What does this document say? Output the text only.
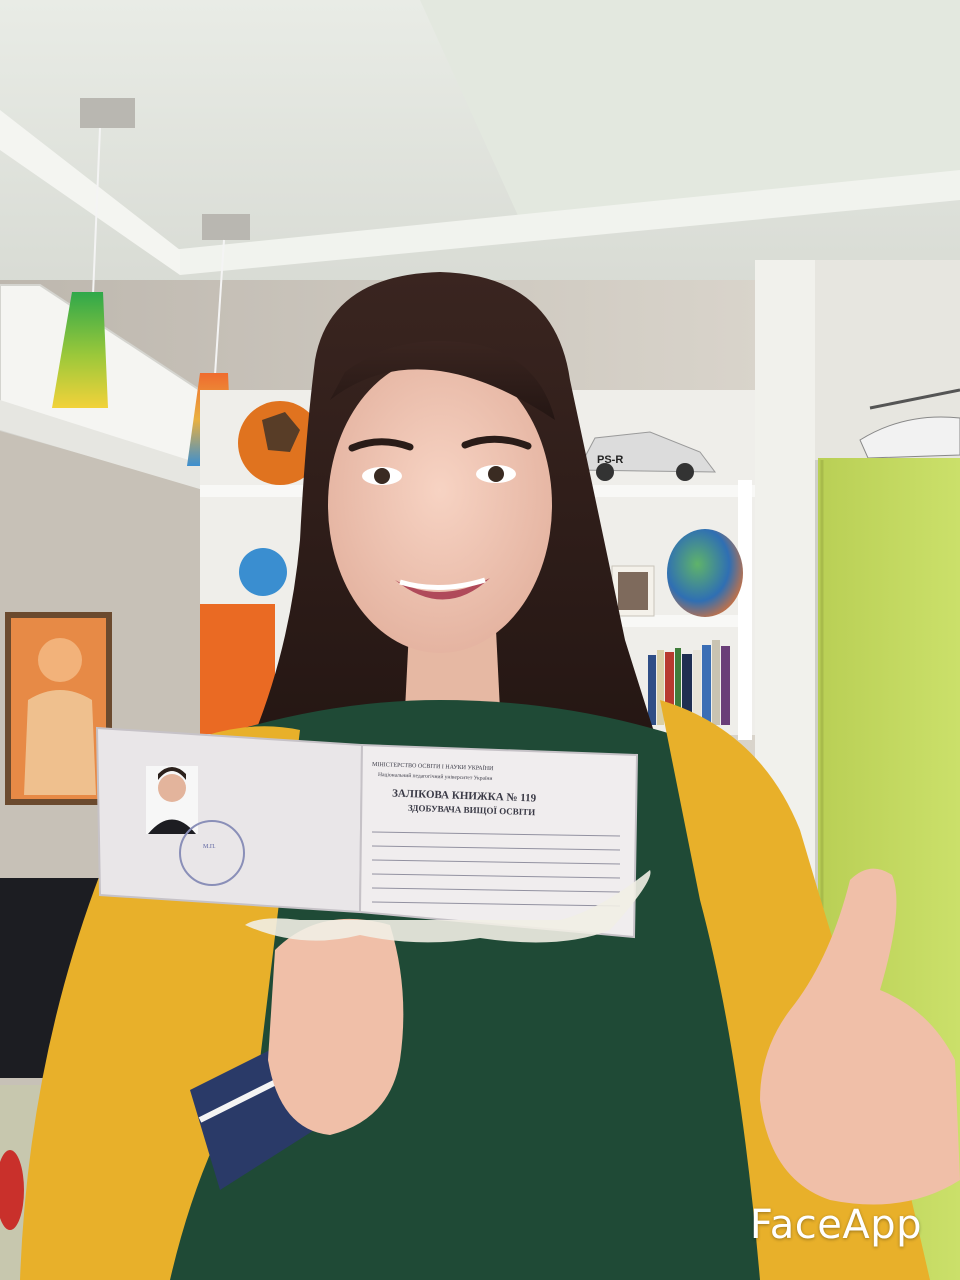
PS-R
МІНІСТЕРСТВО ОСВІТИ І НАУКИ УКРАЇНИ
Національний педагогічний університет України
ЗАЛІКОВА КНИЖКА № 119
ЗДОБУВАЧА ВИЩОЇ ОСВІТИ
М.П.
FaceApp
